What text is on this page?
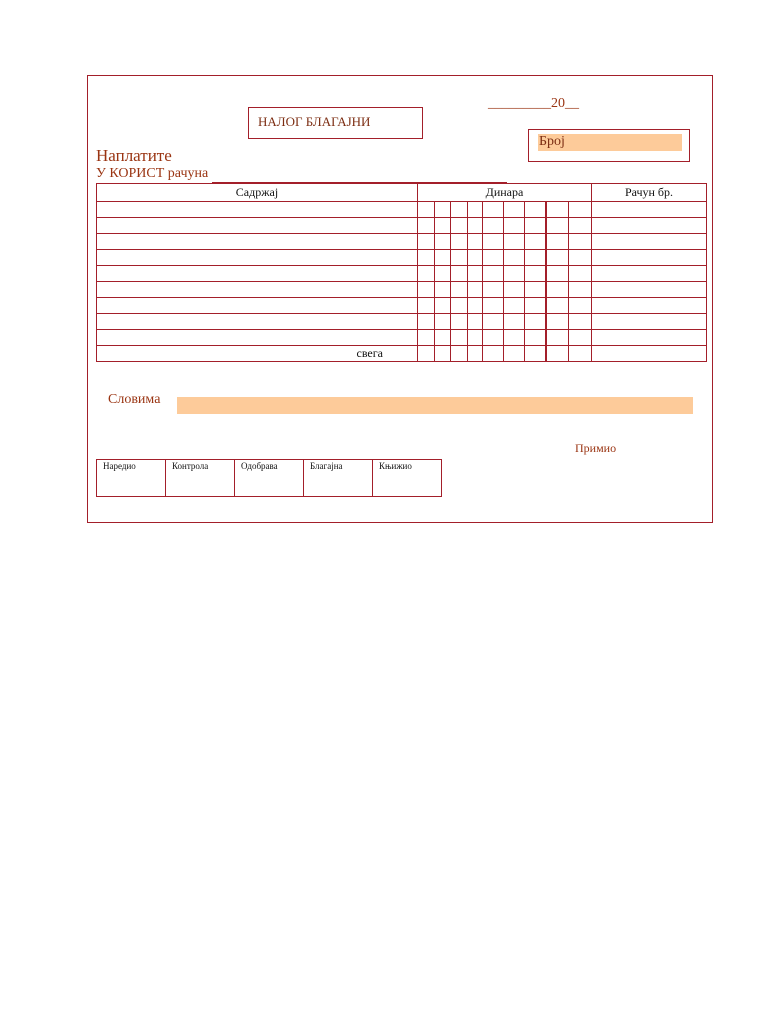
НАЛОГ БЛАГАЈНИ
_________20__
Број
Наплатите
У КОРИСТ рачуна
Садржај	Динара									Рачун бр.

свега										
Словима
Примио
Наредио	Контрола	Одобрава	Благајна	Књижио
